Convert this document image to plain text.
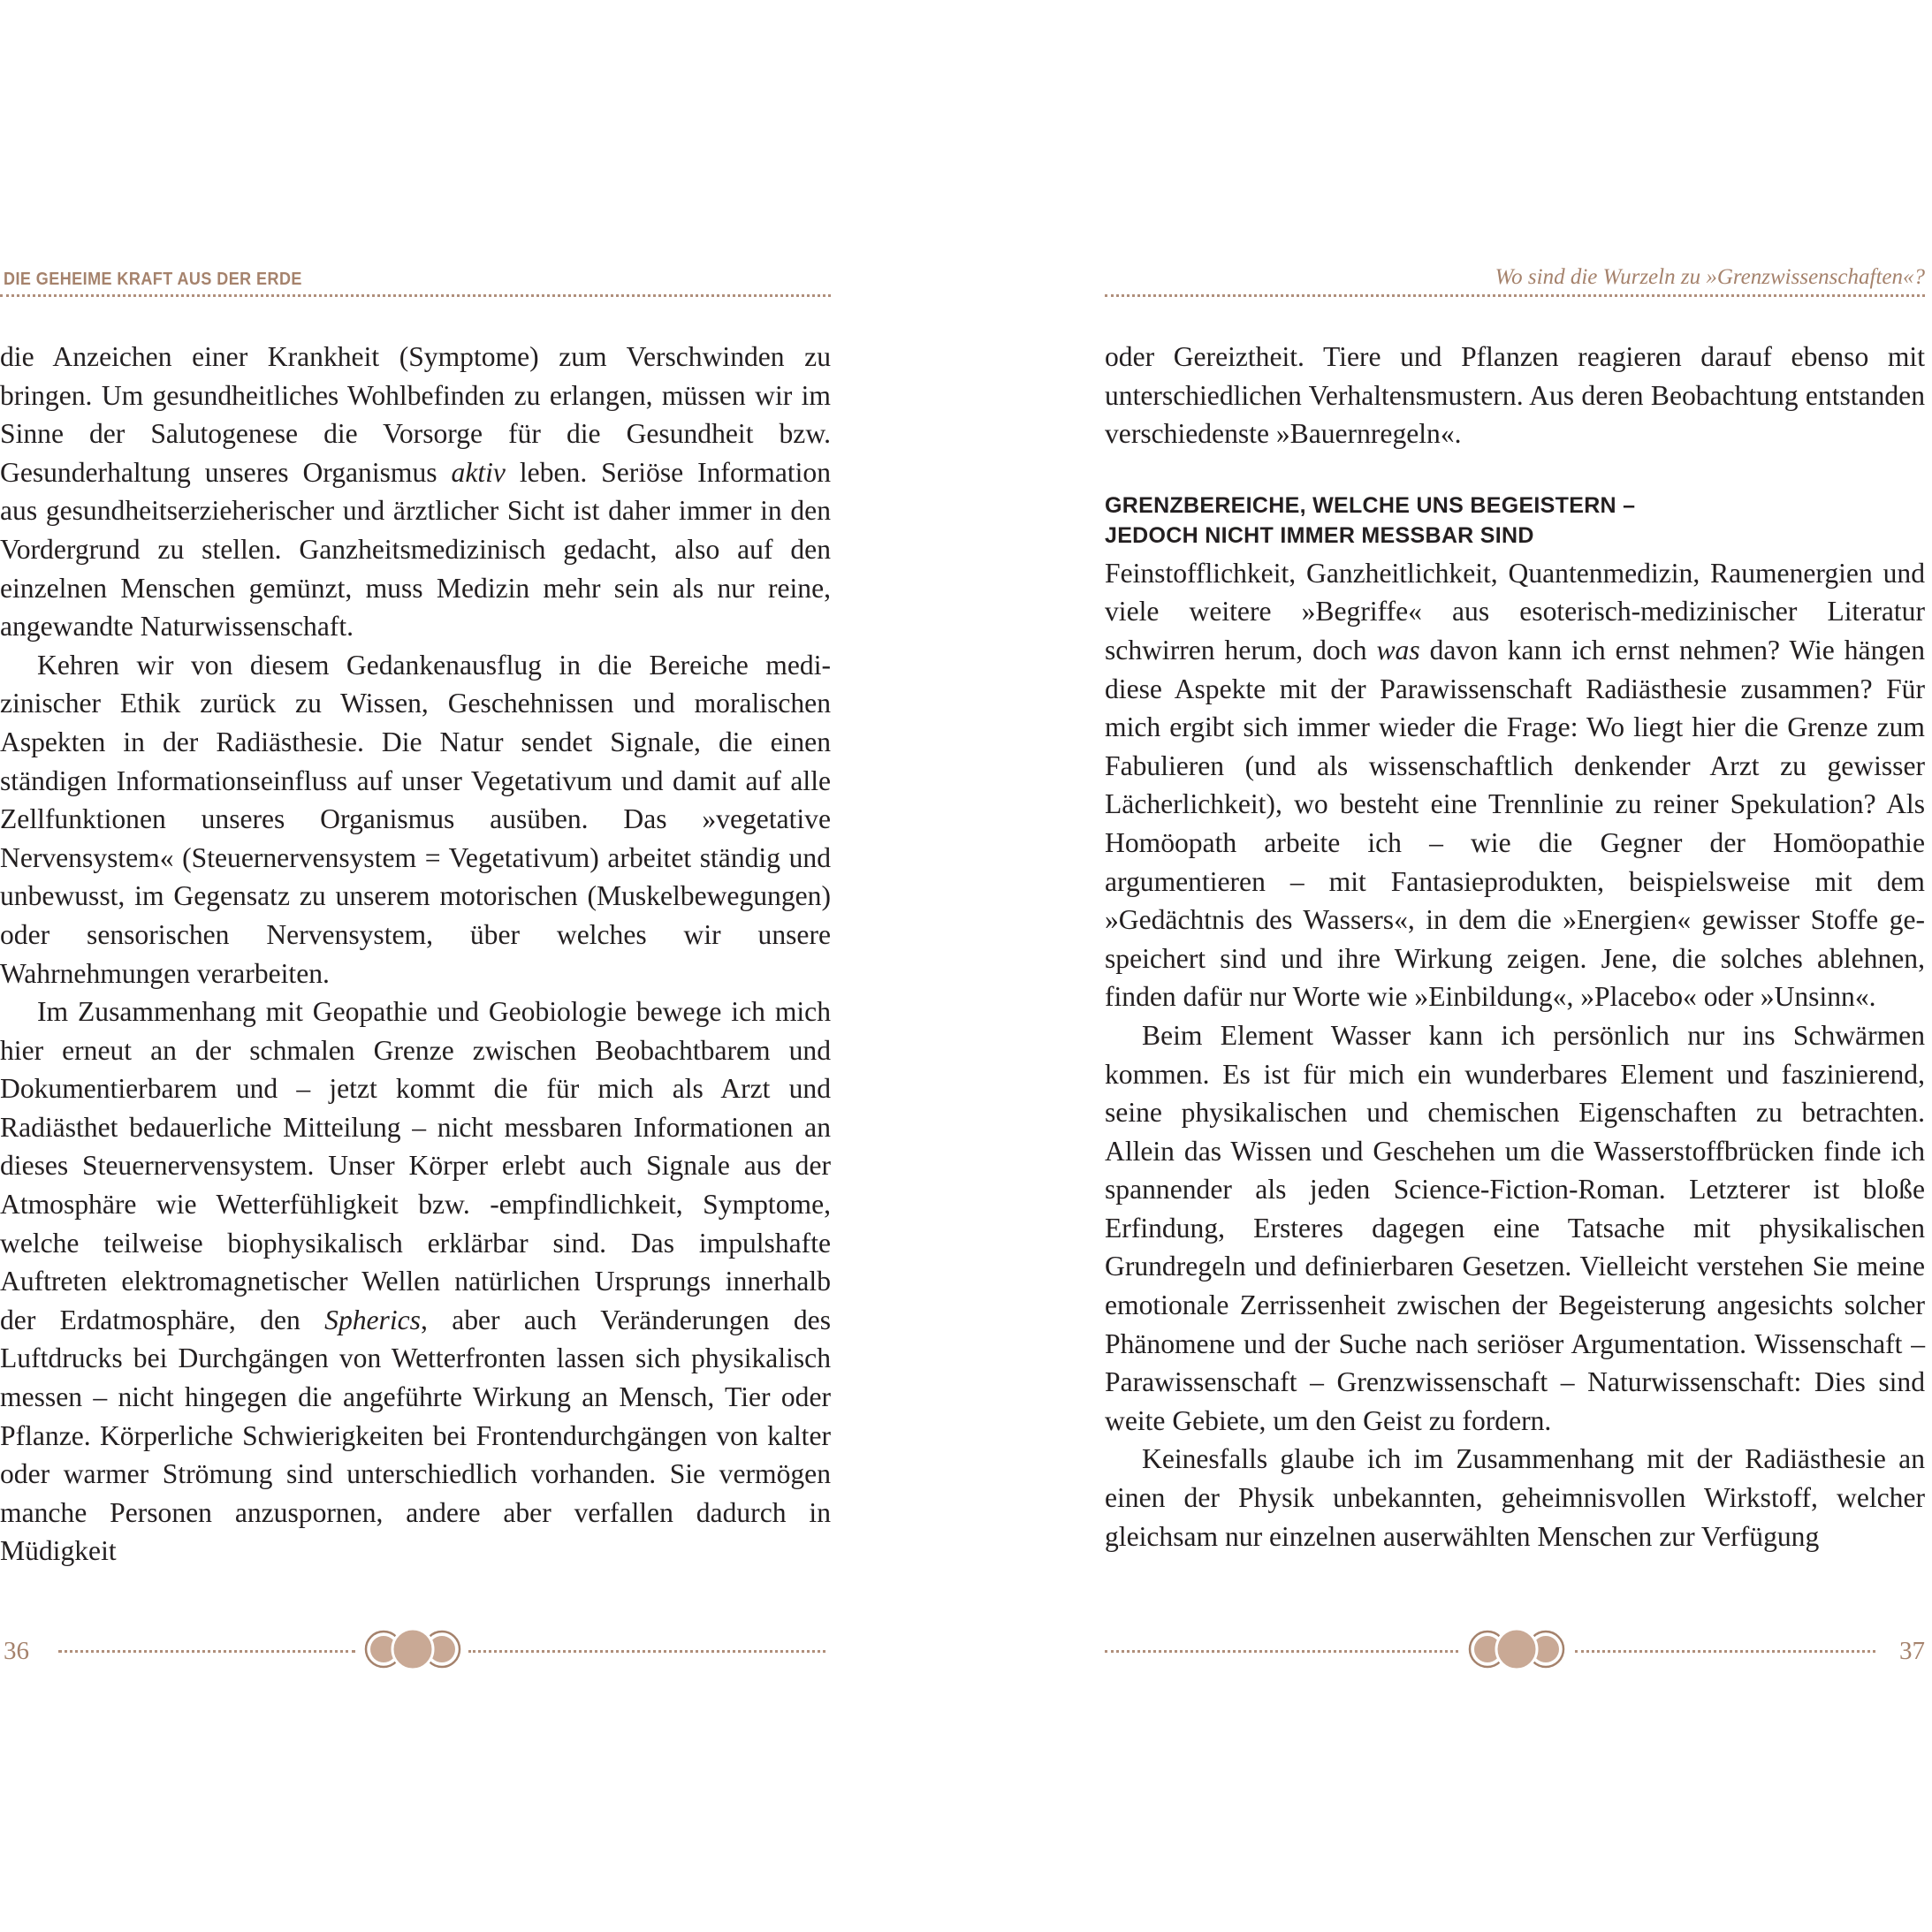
DIE GEHEIME KRAFT AUS DER ERDE

die Anzeichen einer Krankheit (Symptome) zum Verschwinden zu bringen. Um gesundheitliches Wohlbefinden zu erlangen, müssen wir im Sinne der Salutogenese die Vorsorge für die Gesundheit bzw. Gesunderhaltung unseres Organismus aktiv leben. Seriöse Information aus gesundheitserzieherischer und ärztlicher Sicht ist daher immer in den Vordergrund zu stellen. Ganzheitsmedizinisch gedacht, also auf den einzelnen Menschen gemünzt, muss Medizin mehr sein als nur reine, angewandte Naturwissenschaft.

Kehren wir von diesem Gedankenausflug in die Bereiche medizinischer Ethik zurück zu Wissen, Geschehnissen und moralischen Aspekten in der Radiästhesie. Die Natur sendet Signale, die einen ständigen Informationseinfluss auf unser Vegetativum und damit auf alle Zellfunktionen unseres Organismus ausüben. Das »vegetative Nervensystem« (Steuernervensystem = Vegetativum) arbeitet ständig und unbewusst, im Gegensatz zu unserem motorischen (Muskelbewegungen) oder sensorischen Nervensystem, über welches wir unsere Wahrnehmungen verarbeiten.

Im Zusammenhang mit Geopathie und Geobiologie bewege ich mich hier erneut an der schmalen Grenze zwischen Beobachtbarem und Dokumentierbarem und – jetzt kommt die für mich als Arzt und Radiästhet bedauerliche Mitteilung – nicht messbaren Informationen an dieses Steuernervensystem. Unser Körper erlebt auch Signale aus der Atmosphäre wie Wetterfühligkeit bzw. -empfindlichkeit, Symptome, welche teilweise biophysikalisch erklärbar sind. Das impulshafte Auftreten elektromagnetischer Wellen natürlichen Ursprungs innerhalb der Erdatmosphäre, den Spherics, aber auch Veränderungen des Luftdrucks bei Durchgängen von Wetterfronten lassen sich physikalisch messen – nicht hingegen die angeführte Wirkung an Mensch, Tier oder Pflanze. Körperliche Schwierigkeiten bei Frontendurchgängen von kalter oder warmer Strömung sind unterschiedlich vorhanden. Sie vermögen manche Personen anzuspornen, andere aber verfallen dadurch in Müdigkeit

36
Wo sind die Wurzeln zu »Grenzwissenschaften«?

oder Gereiztheit. Tiere und Pflanzen reagieren darauf ebenso mit unterschiedlichen Verhaltensmustern. Aus deren Beobachtung entstanden verschiedenste »Bauernregeln«.

GRENZBEREICHE, WELCHE UNS BEGEISTERN –
JEDOCH NICHT IMMER MESSBAR SIND

Feinstofflichkeit, Ganzheitlichkeit, Quantenmedizin, Raumenergien und viele weitere »Begriffe« aus esoterisch-medizinischer Literatur schwirren herum, doch was davon kann ich ernst nehmen? Wie hängen diese Aspekte mit der Parawissenschaft Radiästhesie zusammen? Für mich ergibt sich immer wieder die Frage: Wo liegt hier die Grenze zum Fabulieren (und als wissenschaftlich denkender Arzt zu gewisser Lächerlichkeit), wo besteht eine Trennlinie zu reiner Spekulation? Als Homöopath arbeite ich – wie die Gegner der Homöopathie argumentieren – mit Fantasieprodukten, beispielsweise mit dem »Gedächtnis des Wassers«, in dem die »Energien« gewisser Stoffe gespeichert sind und ihre Wirkung zeigen. Jene, die solches ablehnen, finden dafür nur Worte wie »Einbildung«, »Placebo« oder »Unsinn«.

Beim Element Wasser kann ich persönlich nur ins Schwärmen kommen. Es ist für mich ein wunderbares Element und faszinierend, seine physikalischen und chemischen Eigenschaften zu betrachten. Allein das Wissen und Geschehen um die Wasserstoffbrücken finde ich spannender als jeden Science-Fiction-Roman. Letzterer ist bloße Erfindung, Ersteres dagegen eine Tatsache mit physikalischen Grundregeln und definierbaren Gesetzen. Vielleicht verstehen Sie meine emotionale Zerrissenheit zwischen der Begeisterung angesichts solcher Phänomene und der Suche nach seriöser Argumentation. Wissenschaft – Parawissenschaft – Grenzwissenschaft – Naturwissenschaft: Dies sind weite Gebiete, um den Geist zu fordern.

Keinesfalls glaube ich im Zusammenhang mit der Radiästhesie an einen der Physik unbekannten, geheimnisvollen Wirkstoff, welcher gleichsam nur einzelnen auserwählten Menschen zur Verfügung

37
